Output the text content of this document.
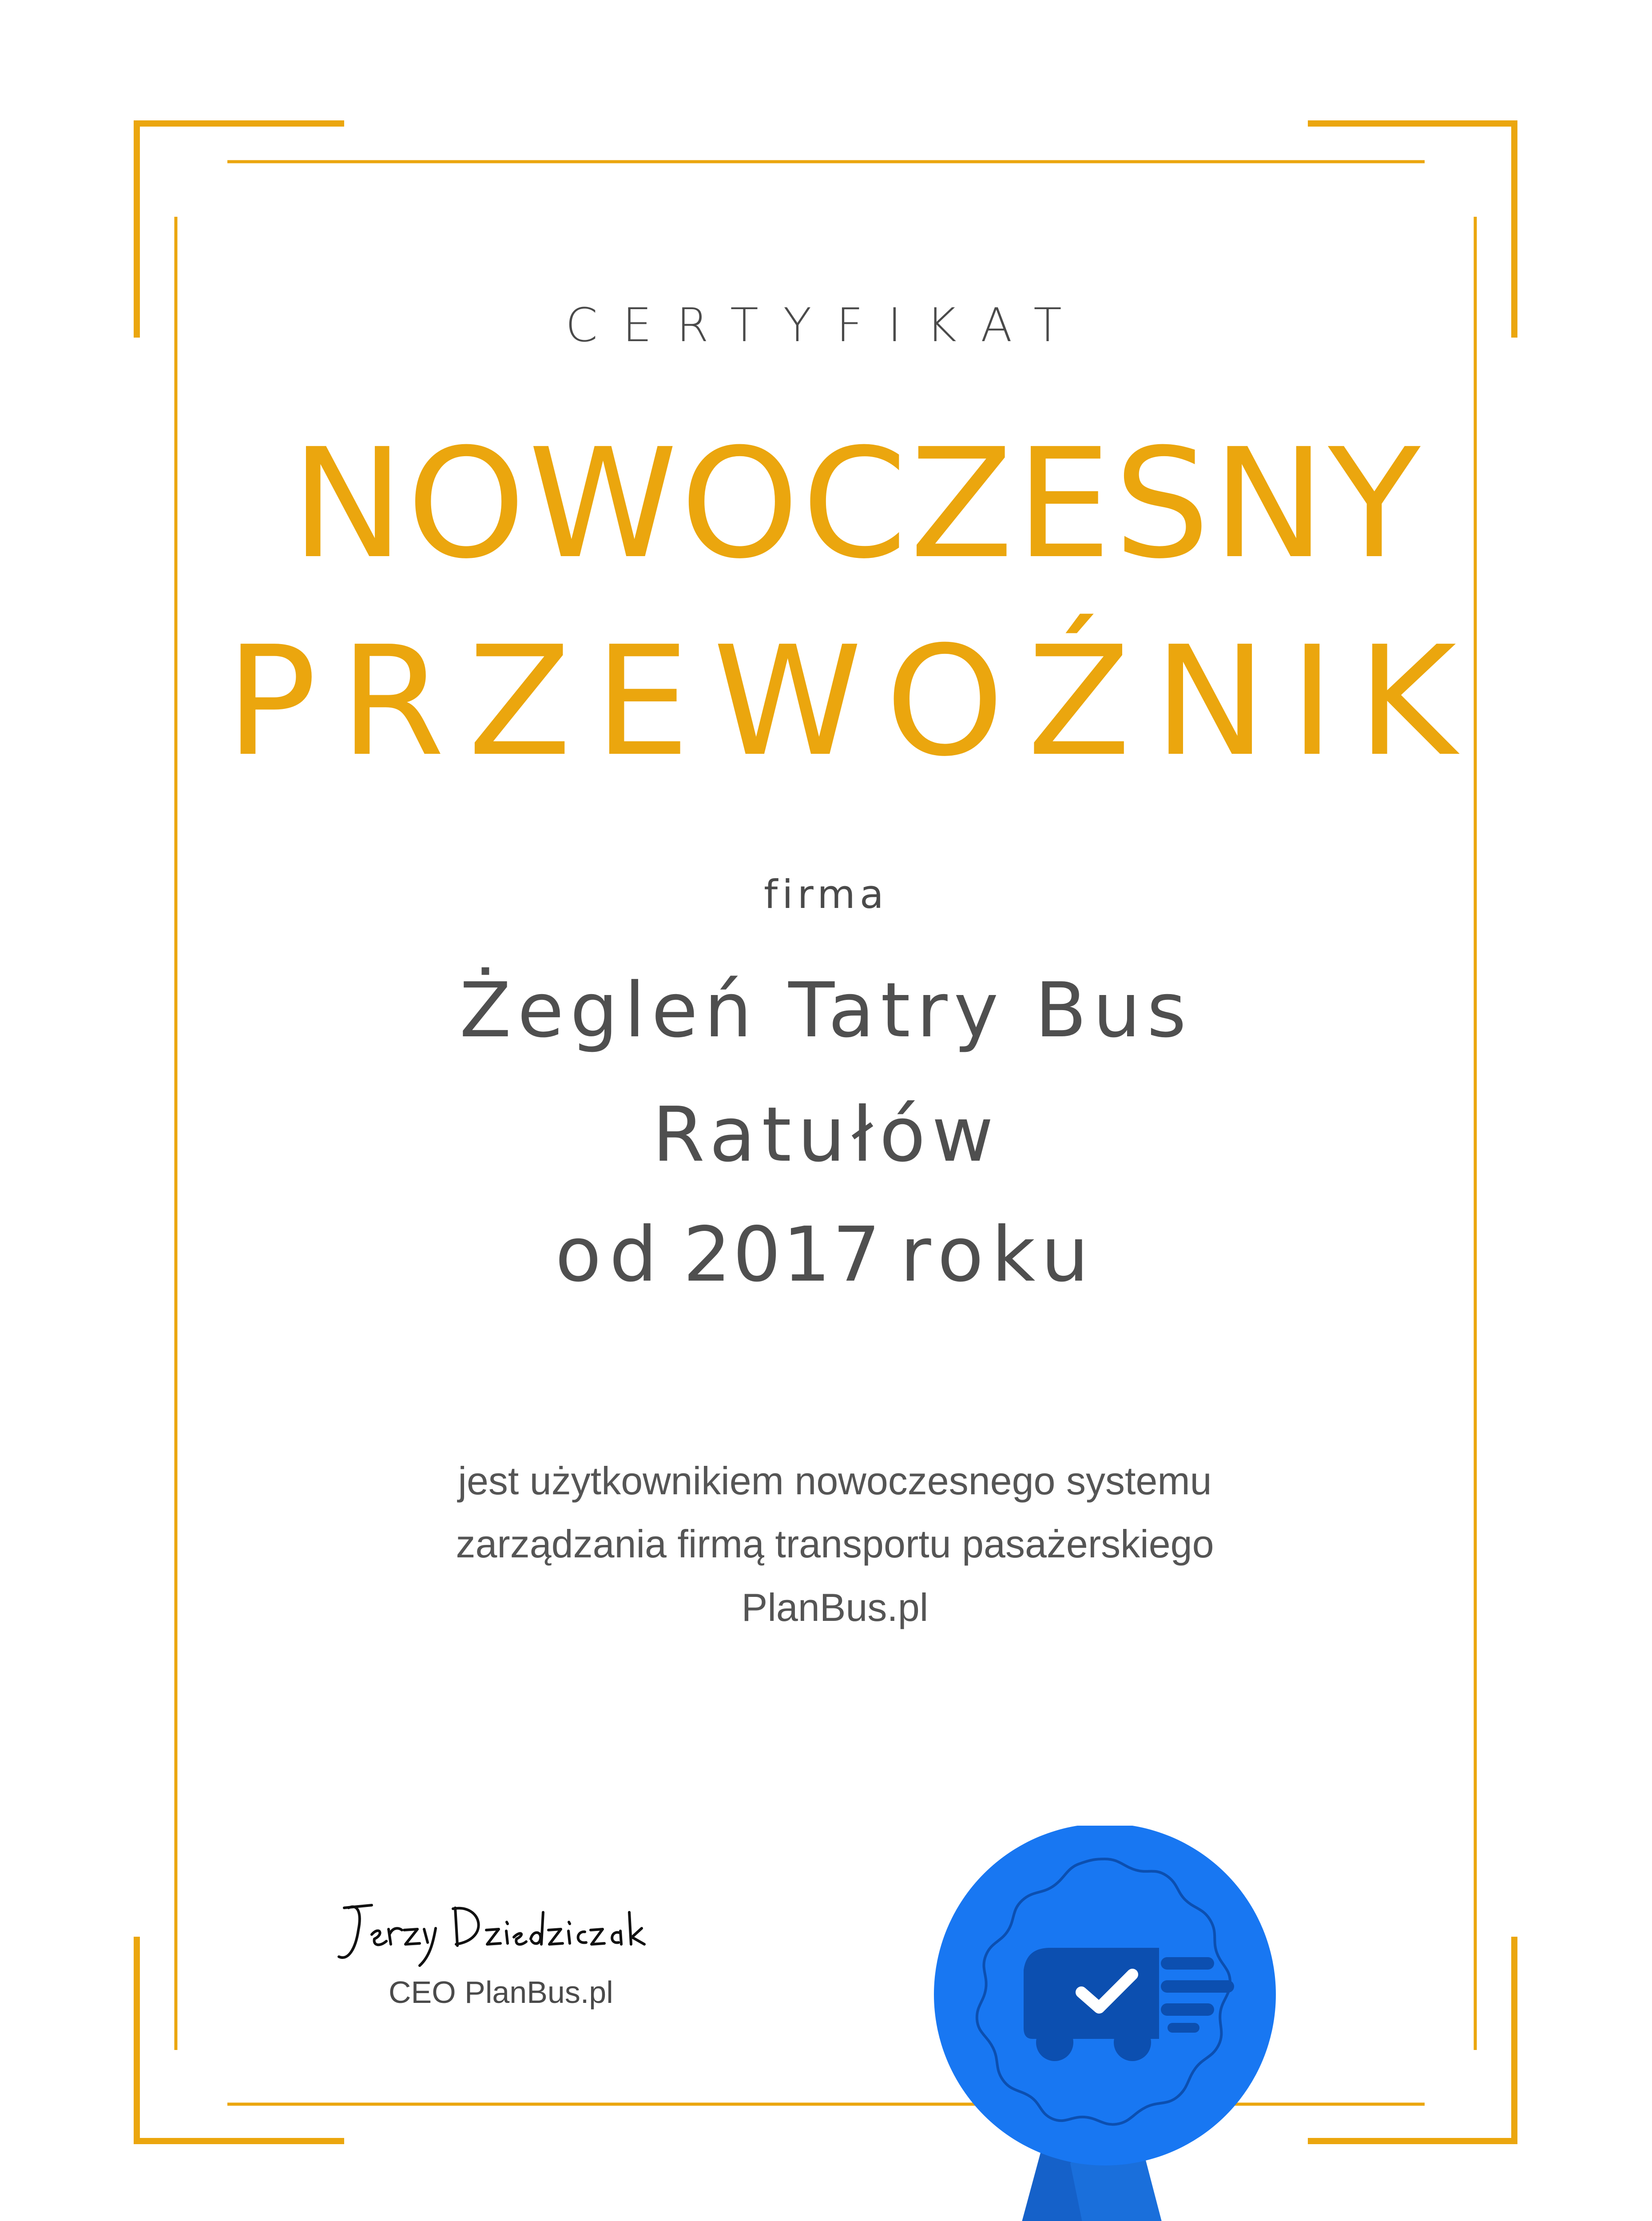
CERTYFIKAT
NOWOCZESNY
PRZEWOŹNIK
firma
Żegleń Tatry Bus
Ratułów
od 2017 roku
jest użytkownikiem nowoczesnego systemu
zarządzania firmą transportu pasażerskiego
PlanBus.pl
CEO PlanBus.pl
